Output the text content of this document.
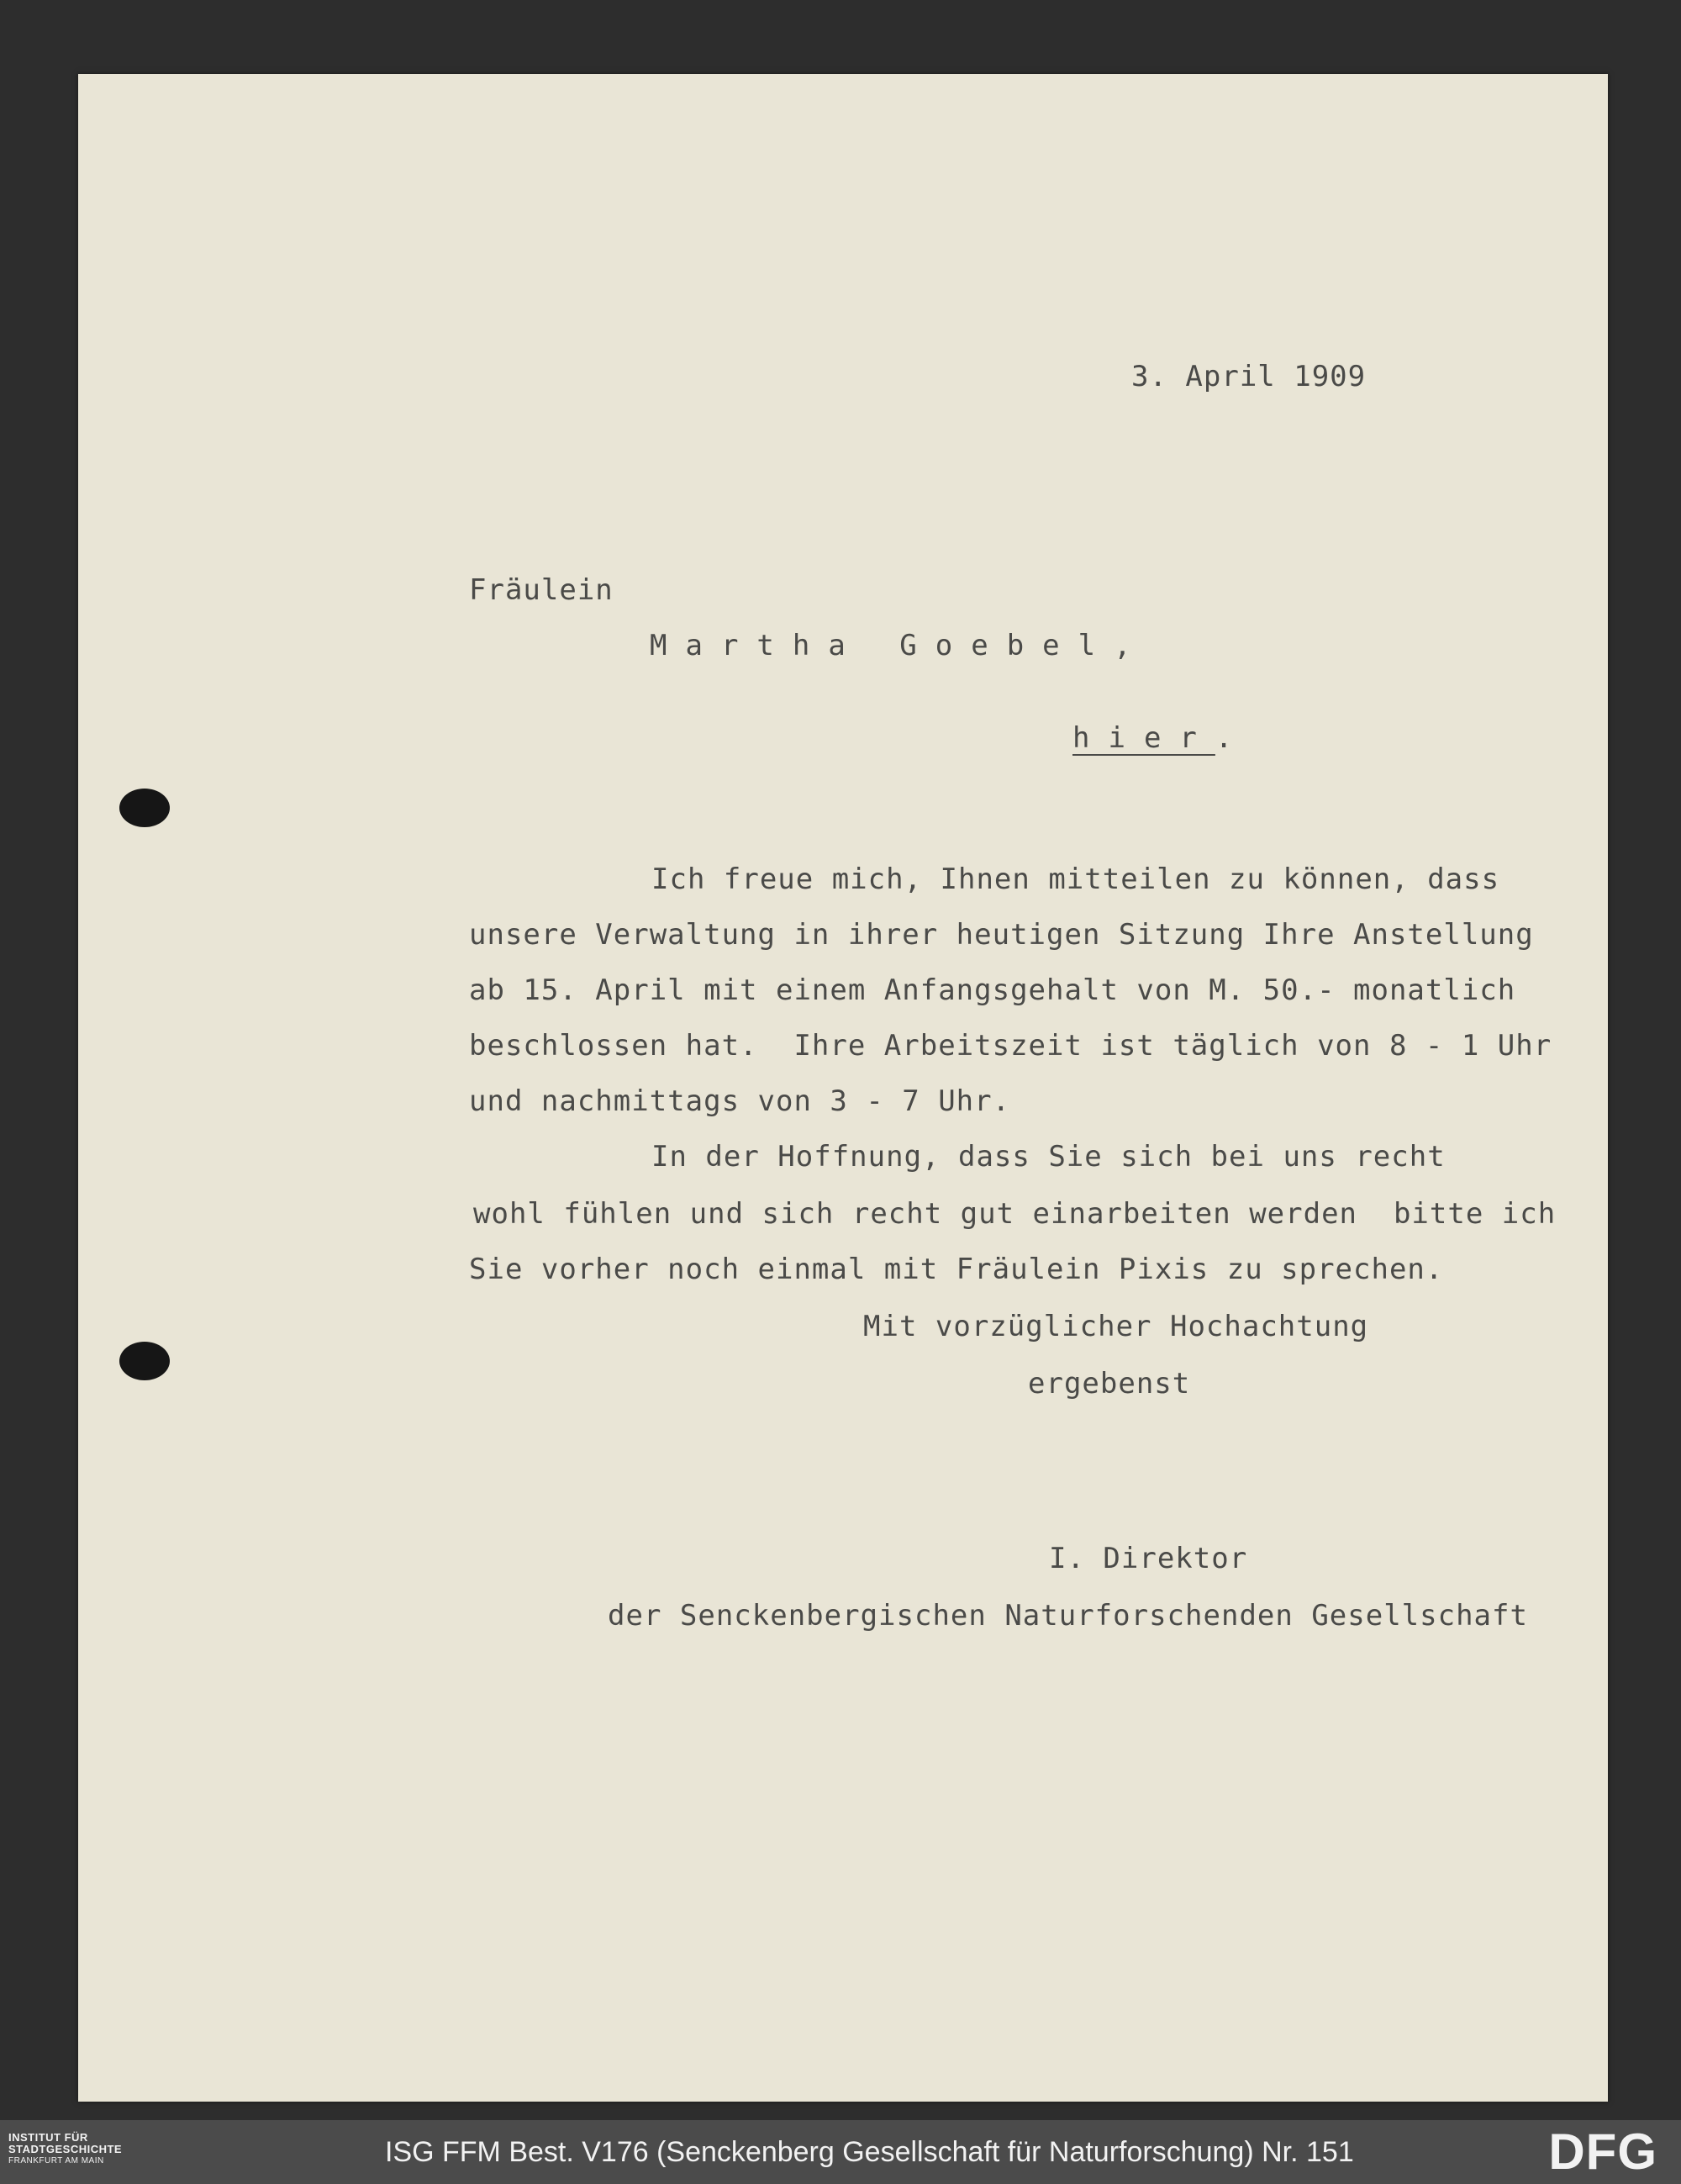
3. April 1909
Fräulein
Martha Goebel,
hier.
Ich freue mich, Ihnen mitteilen zu können, dass
unsere Verwaltung in ihrer heutigen Sitzung Ihre Anstellung
ab 15. April mit einem Anfangsgehalt von M. 50.- monatlich
beschlossen hat.  Ihre Arbeitszeit ist täglich von 8 - 1 Uhr
und nachmittags von 3 - 7 Uhr.
In der Hoffnung, dass Sie sich bei uns recht
wohl fühlen und sich recht gut einarbeiten werden  bitte ich
Sie vorher noch einmal mit Fräulein Pixis zu sprechen.
Mit vorzüglicher Hochachtung
ergebenst
I. Direktor
der Senckenbergischen Naturforschenden Gesellschaft
INSTITUT FÜR
STADTGESCHICHTE
FRANKFURT AM MAIN	ISG FFM Best. V176 (Senckenberg Gesellschaft für Naturforschung) Nr. 151	DFG
